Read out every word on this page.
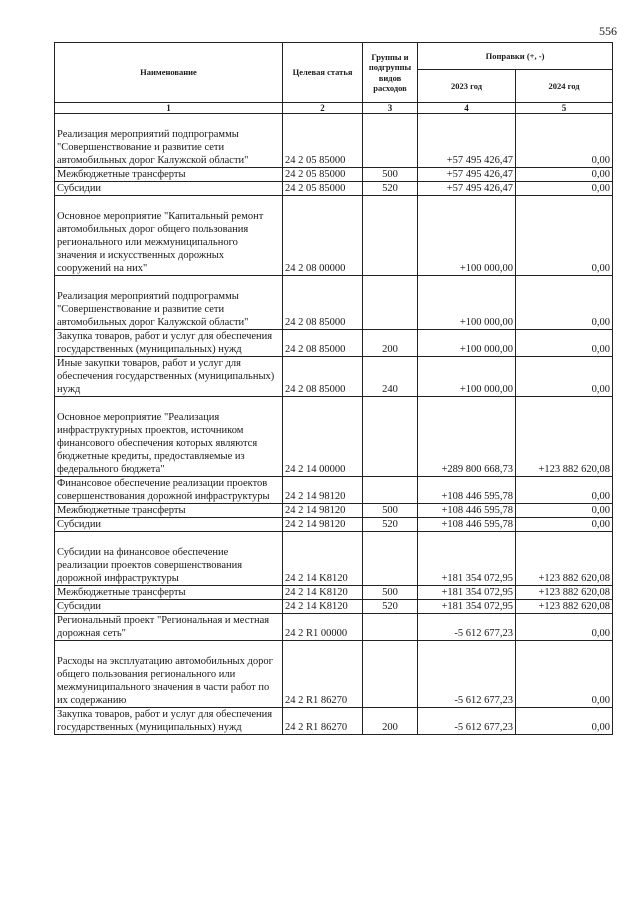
556
Наименование	Целевая статья	Группы и подгруппы видов расходов	Поправки (+, -)	
			2023 год	2024 год
1	2	3	4	5
Реализация мероприятий подпрограммы "Совершенствование и развитие сети автомобильных дорог Калужской области"	24 2 05 85000		+57 495 426,47	0,00
Межбюджетные трансферты	24 2 05 85000	500	+57 495 426,47	0,00
Субсидии	24 2 05 85000	520	+57 495 426,47	0,00
Основное мероприятие "Капитальный ремонт автомобильных дорог общего пользования регионального или межмуниципального значения и искусственных дорожных сооружений на них"	24 2 08 00000		+100 000,00	0,00
Реализация мероприятий подпрограммы "Совершенствование и развитие сети автомобильных дорог Калужской области"	24 2 08 85000		+100 000,00	0,00
Закупка товаров, работ и услуг для обеспечения государственных (муниципальных) нужд	24 2 08 85000	200	+100 000,00	0,00
Иные закупки товаров, работ и услуг для обеспечения государственных (муниципальных) нужд	24 2 08 85000	240	+100 000,00	0,00
Основное мероприятие "Реализация инфраструктурных проектов, источником финансового обеспечения которых являются бюджетные кредиты, предоставляемые из федерального бюджета"	24 2 14 00000		+289 800 668,73	+123 882 620,08
Финансовое обеспечение реализации проектов совершенствования дорожной инфраструктуры	24 2 14 98120		+108 446 595,78	0,00
Межбюджетные трансферты	24 2 14 98120	500	+108 446 595,78	0,00
Субсидии	24 2 14 98120	520	+108 446 595,78	0,00
Субсидии на финансовое обеспечение реализации проектов совершенствования дорожной инфраструктуры	24 2 14 K8120		+181 354 072,95	+123 882 620,08
Межбюджетные трансферты	24 2 14 K8120	500	+181 354 072,95	+123 882 620,08
Субсидии	24 2 14 K8120	520	+181 354 072,95	+123 882 620,08
Региональный проект "Региональная и местная дорожная сеть"	24 2 R1 00000		-5 612 677,23	0,00
Расходы на эксплуатацию автомобильных дорог общего пользования регионального или межмуниципального значения в части работ по их содержанию	24 2 R1 86270		-5 612 677,23	0,00
Закупка товаров, работ и услуг для обеспечения государственных (муниципальных) нужд	24 2 R1 86270	200	-5 612 677,23	0,00
